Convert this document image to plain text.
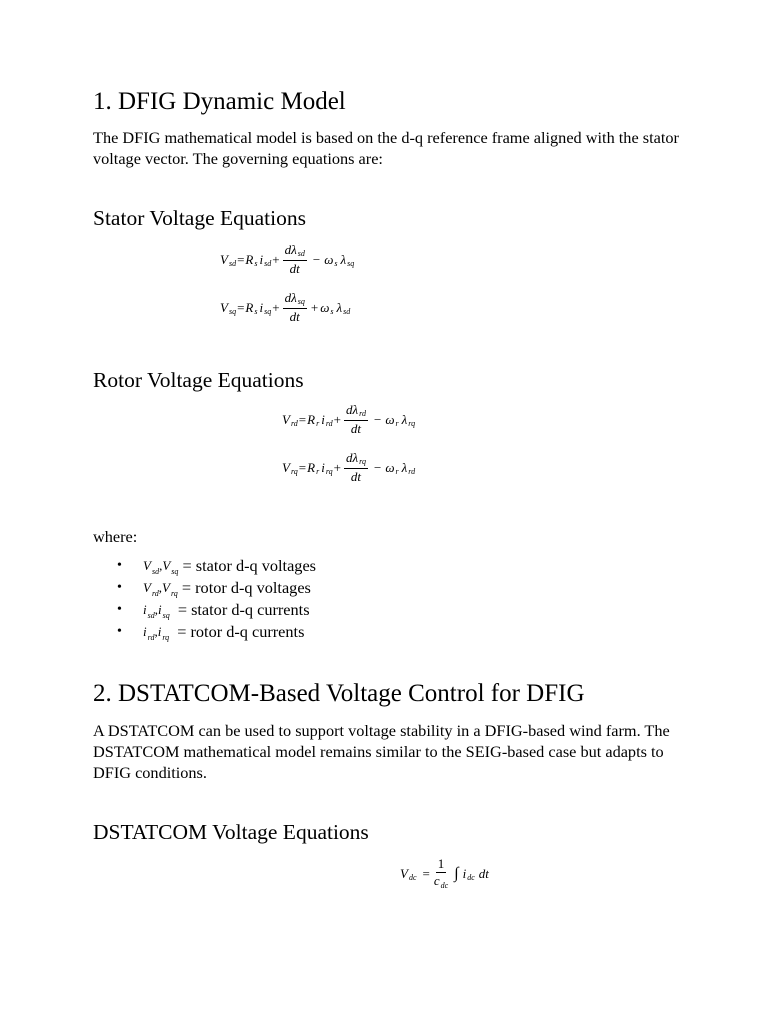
1. DFIG Dynamic Model
The DFIG mathematical model is based on the d-q reference frame aligned with the stator voltage vector. The governing equations are:
Stator Voltage Equations
V sd = R s i sd + $\frac{\text{dλsd}}{dt} - \omega$ s λ sq
V sq = R s i sq + $\frac{\text{dλsq}}{dt} + \omega$ s λ sd
Rotor Voltage Equations
V rd = R r i rd + $\frac{\text{dλrd}}{dt} - \omega$ r λ rq
V rq = R r i rq + $\frac{\text{dλrq}}{dt} - \omega$ r λ rd
where:
• $V_{sd}$ , $V_{sq}$ = stator d-q voltages
• $V_{rd}$ , $V_{rq}$ = rotor d-q voltages
• $i_{sd}$ , $i_{sq}$ = stator d-q currents
• $i_{rd}$ , $i_{rq}$ = rotor d-q currents
2. DSTATCOM-Based Voltage Control for DFIG
A DSTATCOM can be used to support voltage stability in a DFIG-based wind farm. The DSTATCOM mathematical model remains similar to the SEIG-based case but adapts to DFIG conditions.
DSTATCOM Voltage Equations
V dc = $\frac{1}{c_{dc}}$ ∫ i dc dt
